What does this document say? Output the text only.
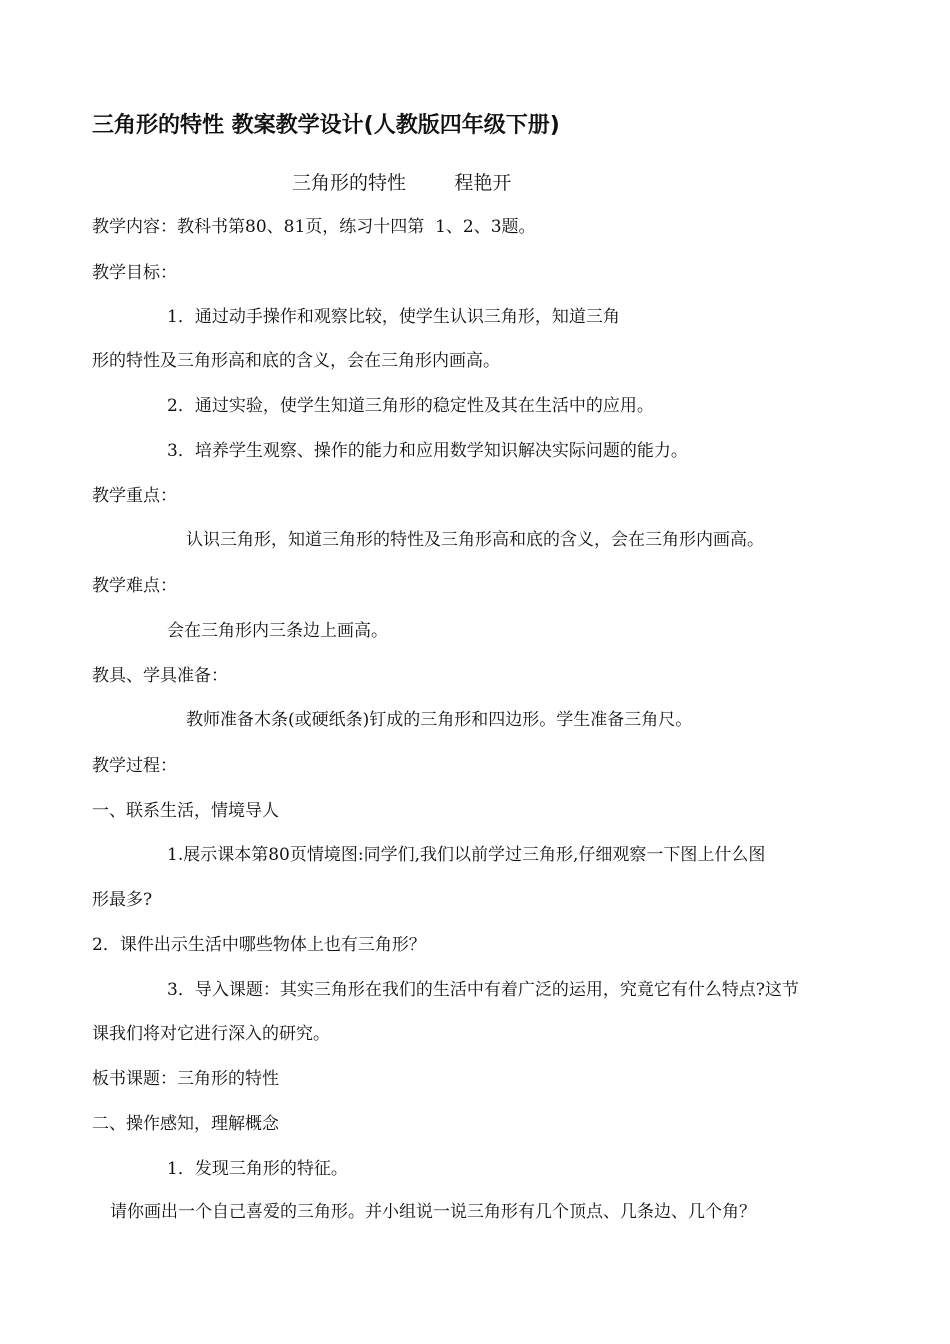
三角形的特性 教案教学设计(人教版四年级下册)
三角形的特性        程艳开
教学内容：教科书第80、81页，练习十四第  1、2、3题。
教学目标：
1．通过动手操作和观察比较，使学生认识三角形，知道三角
形的特性及三角形高和底的含义，会在三角形内画高。
2．通过实验，使学生知道三角形的稳定性及其在生活中的应用。
3．培养学生观察、操作的能力和应用数学知识解决实际问题的能力。
教学重点：
认识三角形，知道三角形的特性及三角形高和底的含义，会在三角形内画高。
教学难点：
会在三角形内三条边上画高。
教具、学具准备：
教师准备木条(或硬纸条)钉成的三角形和四边形。学生准备三角尺。
教学过程：
一、联系生活，情境导人
1.展示课本第80页情境图:同学们,我们以前学过三角形,仔细观察一下图上什么图
形最多?
2．课件出示生活中哪些物体上也有三角形？
3．导入课题：其实三角形在我们的生活中有着广泛的运用，究竟它有什么特点?这节
课我们将对它进行深入的研究。
板书课题：三角形的特性
二、操作感知，理解概念
1．发现三角形的特征。
请你画出一个自己喜爱的三角形。并小组说一说三角形有几个顶点、几条边、几个角？
